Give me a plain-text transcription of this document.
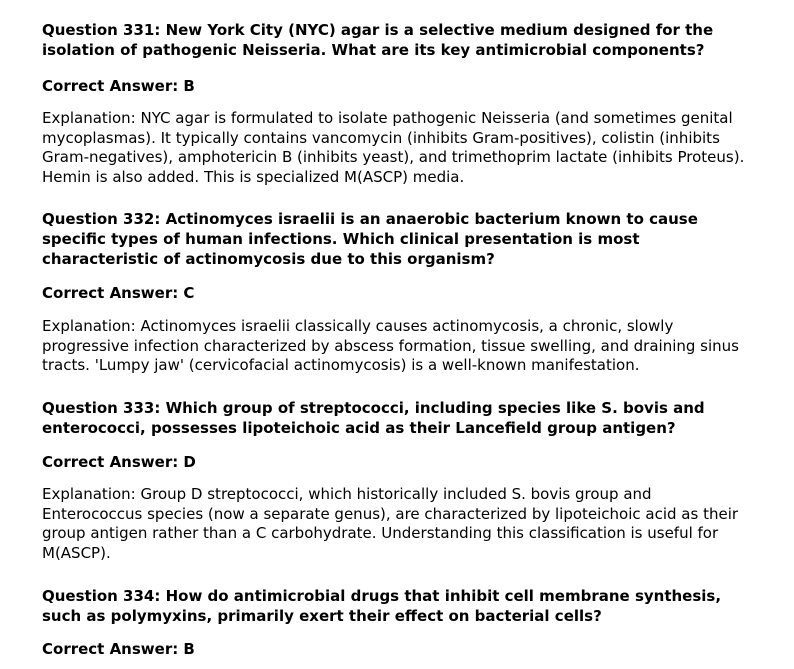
Question 331: New York City (NYC) agar is a selective medium designed for the isolation of pathogenic Neisseria. What are its key antimicrobial components?

Correct Answer: B

Explanation: NYC agar is formulated to isolate pathogenic Neisseria (and sometimes genital mycoplasmas). It typically contains vancomycin (inhibits Gram-positives), colistin (inhibits Gram-negatives), amphotericin B (inhibits yeast), and trimethoprim lactate (inhibits Proteus). Hemin is also added. This is specialized M(ASCP) media.

Question 332: Actinomyces israelii is an anaerobic bacterium known to cause specific types of human infections. Which clinical presentation is most characteristic of actinomycosis due to this organism?

Correct Answer: C

Explanation: Actinomyces israelii classically causes actinomycosis, a chronic, slowly progressive infection characterized by abscess formation, tissue swelling, and draining sinus tracts. 'Lumpy jaw' (cervicofacial actinomycosis) is a well-known manifestation.

Question 333: Which group of streptococci, including species like S. bovis and enterococci, possesses lipoteichoic acid as their Lancefield group antigen?

Correct Answer: D

Explanation: Group D streptococci, which historically included S. bovis group and Enterococcus species (now a separate genus), are characterized by lipoteichoic acid as their group antigen rather than a C carbohydrate. Understanding this classification is useful for M(ASCP).

Question 334: How do antimicrobial drugs that inhibit cell membrane synthesis, such as polymyxins, primarily exert their effect on bacterial cells?

Correct Answer: B
